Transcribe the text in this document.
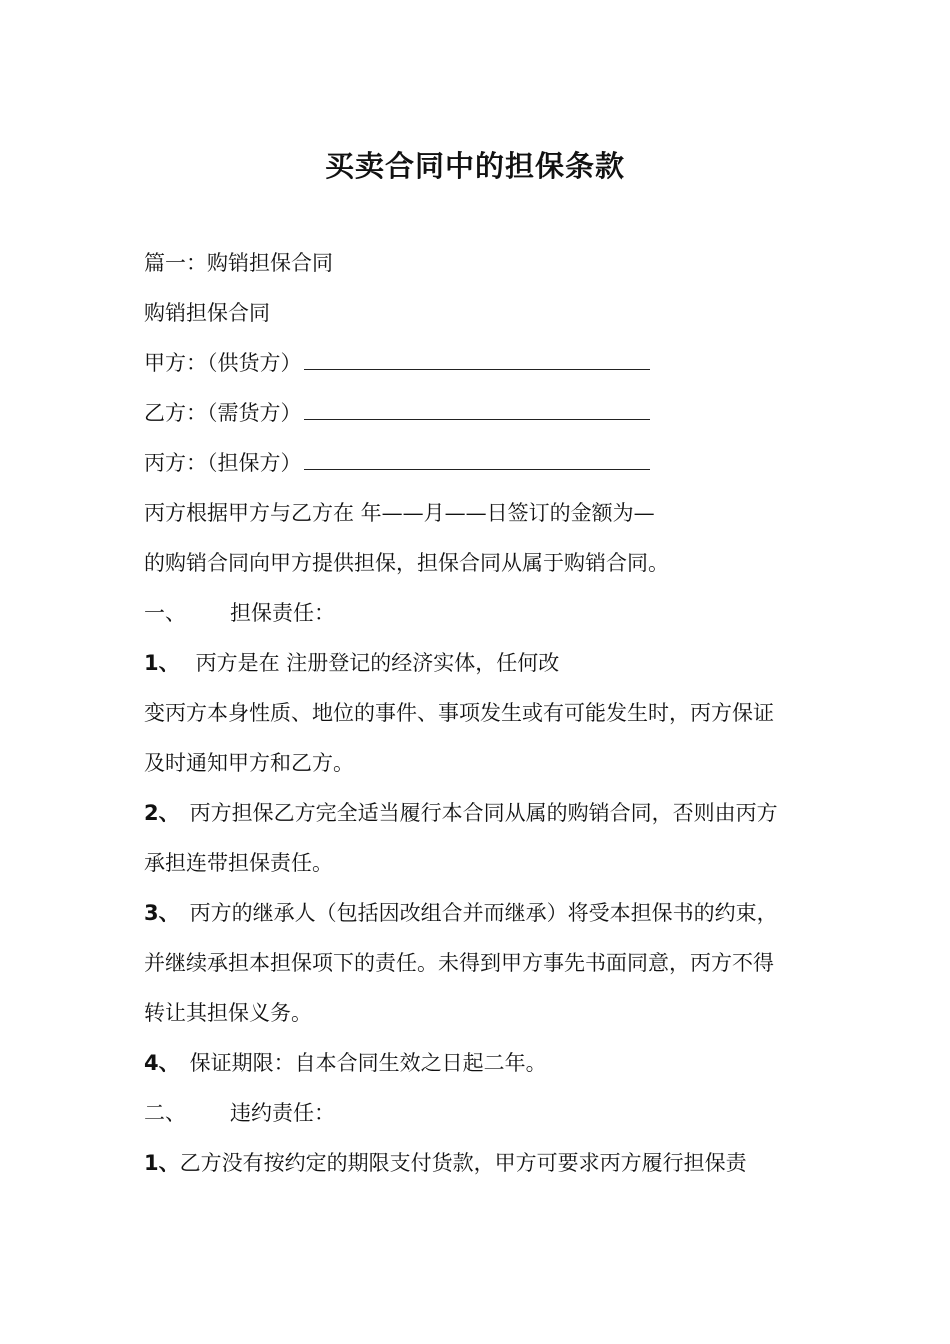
买卖合同中的担保条款
篇一：购销担保合同
购销担保合同
甲方：（供货方）
乙方：（需货方）
丙方：（担保方）
丙方根据甲方与乙方在 年——月——日签订的金额为—
的购销合同向甲方提供担保，担保合同从属于购销合同。
一、 担保责任：
1、 丙方是在 注册登记的经济实体，任何改
变丙方本身性质、地位的事件、事项发生或有可能发生时，丙方保证
及时通知甲方和乙方。
2、 丙方担保乙方完全适当履行本合同从属的购销合同，否则由丙方
承担连带担保责任。
3、 丙方的继承人（包括因改组合并而继承）将受本担保书的约束，
并继续承担本担保项下的责任。未得到甲方事先书面同意，丙方不得
转让其担保义务。
4、 保证期限：自本合同生效之日起二年。
二、 违约责任：
1、乙方没有按约定的期限支付货款，甲方可要求丙方履行担保责
